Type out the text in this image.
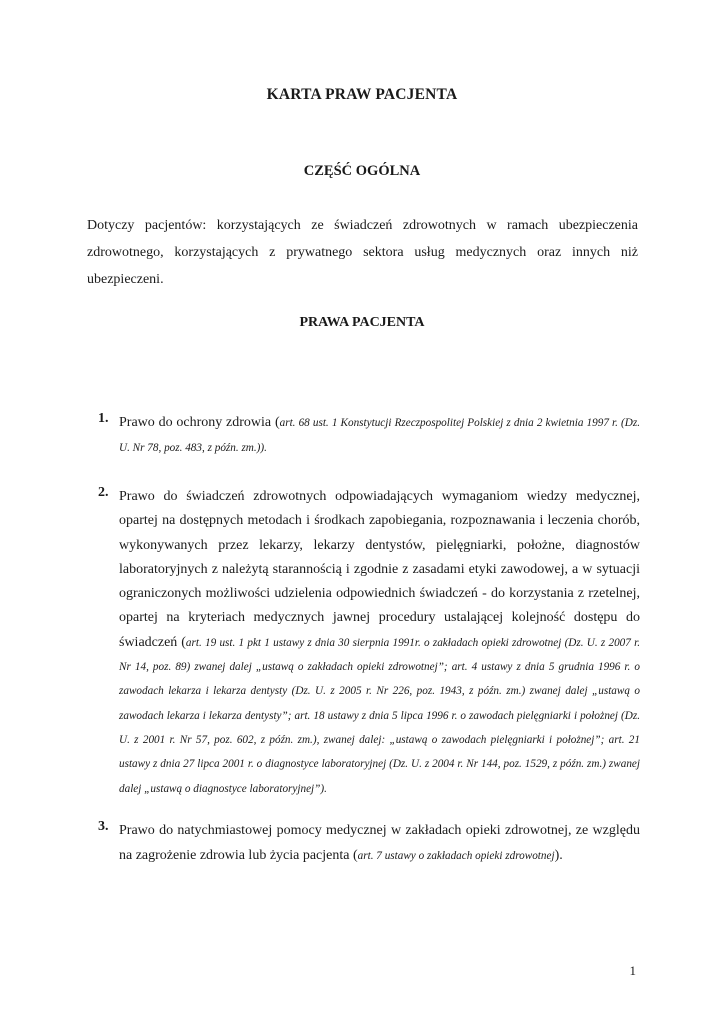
KARTA PRAW PACJENTA
CZĘŚĆ OGÓLNA
Dotyczy pacjentów: korzystających ze świadczeń zdrowotnych w ramach ubezpieczenia zdrowotnego, korzystających z prywatnego sektora usług medycznych oraz innych niż ubezpieczeni.
PRAWA PACJENTA
1. Prawo do ochrony zdrowia (art. 68 ust. 1 Konstytucji Rzeczpospolitej Polskiej z dnia 2 kwietnia 1997 r. (Dz. U. Nr 78, poz. 483, z późn. zm.)).
2. Prawo do świadczeń zdrowotnych odpowiadających wymaganiom wiedzy medycznej, opartej na dostępnych metodach i środkach zapobiegania, rozpoznawania i leczenia chorób, wykonywanych przez lekarzy, lekarzy dentystów, pielęgniarki, położne, diagnostów laboratoryjnych z należytą starannością i zgodnie z zasadami etyki zawodowej, a w sytuacji ograniczonych możliwości udzielenia odpowiednich świadczeń - do korzystania z rzetelnej, opartej na kryteriach medycznych jawnej procedury ustalającej kolejność dostępu do świadczeń (art. 19 ust. 1 pkt 1 ustawy z dnia 30 sierpnia 1991r. o zakładach opieki zdrowotnej (Dz. U. z 2007 r. Nr 14, poz. 89) zwanej dalej „ustawą o zakładach opieki zdrowotnej”; art. 4 ustawy z dnia 5 grudnia 1996 r. o zawodach lekarza i lekarza dentysty (Dz. U. z 2005 r. Nr 226, poz. 1943, z późn. zm.) zwanej dalej „ustawą o zawodach lekarza i lekarza dentysty”; art. 18 ustawy z dnia 5 lipca 1996 r. o zawodach pielęgniarki i położnej (Dz. U. z 2001 r. Nr 57, poz. 602, z późn. zm.), zwanej dalej: „ustawą o zawodach pielęgniarki i położnej”; art. 21 ustawy z dnia 27 lipca 2001 r. o diagnostyce laboratoryjnej (Dz. U. z 2004 r. Nr 144, poz. 1529, z późn. zm.) zwanej dalej „ustawą o diagnostyce laboratoryjnej”).
3. Prawo do natychmiastowej pomocy medycznej w zakładach opieki zdrowotnej, ze względu na zagrożenie zdrowia lub życia pacjenta (art. 7 ustawy o zakładach opieki zdrowotnej).
1
